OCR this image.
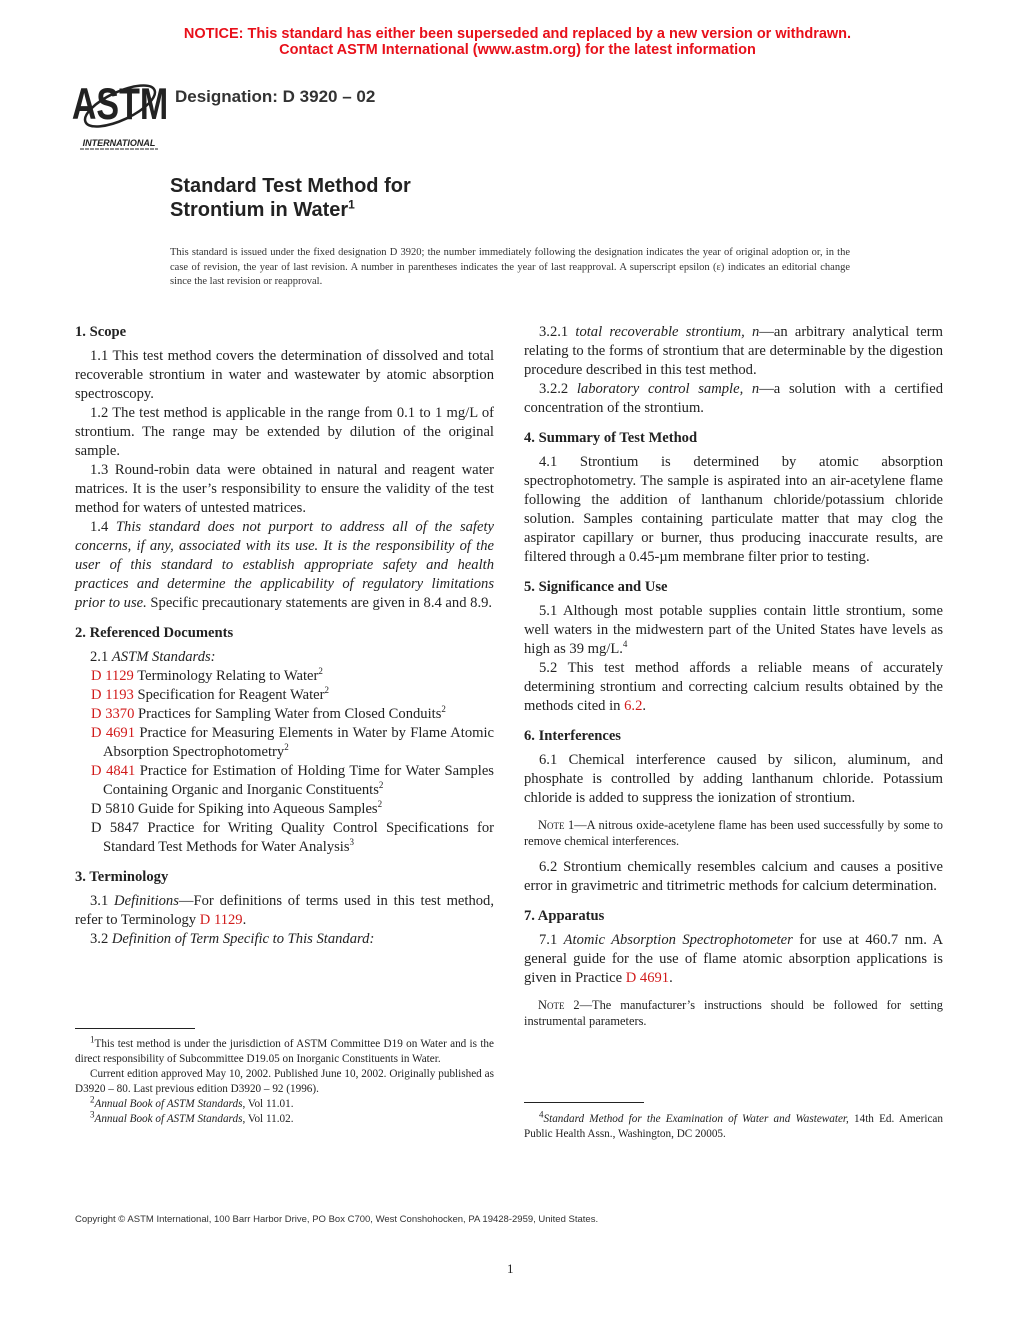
NOTICE: This standard has either been superseded and replaced by a new version or withdrawn.
Contact ASTM International (www.astm.org) for the latest information
ASTM
INTERNATIONAL
Designation: D 3920 – 02
Standard Test Method for
Strontium in Water$^1$
This standard is issued under the fixed designation D 3920; the number immediately following the designation indicates the year of original adoption or, in the case of revision, the year of last revision. A number in parentheses indicates the year of last reapproval. A superscript epsilon (ε) indicates an editorial change since the last revision or reapproval.
1. Scope
1.1 This test method covers the determination of dissolved and total recoverable strontium in water and wastewater by atomic absorption spectroscopy.
1.2 The test method is applicable in the range from 0.1 to 1 mg/L of strontium. The range may be extended by dilution of the original sample.
1.3 Round-robin data were obtained in natural and reagent water matrices. It is the user’s responsibility to ensure the validity of the test method for waters of untested matrices.
1.4 This standard does not purport to address all of the safety concerns, if any, associated with its use. It is the responsibility of the user of this standard to establish appropriate safety and health practices and determine the applicability of regulatory limitations prior to use. Specific precautionary statements are given in 8.4 and 8.9.
2. Referenced Documents
2.1 ASTM Standards:
D 1129 Terminology Relating to Water$^2$
D 1193 Specification for Reagent Water$^2$
D 3370 Practices for Sampling Water from Closed Conduits$^2$
D 4691 Practice for Measuring Elements in Water by Flame Atomic Absorption Spectrophotometry$^2$
D 4841 Practice for Estimation of Holding Time for Water Samples Containing Organic and Inorganic Constituents$^2$
D 5810 Guide for Spiking into Aqueous Samples$^2$
D 5847 Practice for Writing Quality Control Specifications for Standard Test Methods for Water Analysis$^3$
3. Terminology
3.1 Definitions—For definitions of terms used in this test method, refer to Terminology D 1129.
3.2 Definition of Term Specific to This Standard:
3.2.1 total recoverable strontium, n—an arbitrary analytical term relating to the forms of strontium that are determinable by the digestion procedure described in this test method.
3.2.2 laboratory control sample, n—a solution with a certified concentration of the strontium.
4. Summary of Test Method
4.1 Strontium is determined by atomic absorption spectrophotometry. The sample is aspirated into an air-acetylene flame following the addition of lanthanum chloride/potassium chloride solution. Samples containing particulate matter that may clog the aspirator capillary or burner, thus producing inaccurate results, are filtered through a 0.45-µm membrane filter prior to testing.
5. Significance and Use
5.1 Although most potable supplies contain little strontium, some well waters in the midwestern part of the United States have levels as high as 39 mg/L.$^4$
5.2 This test method affords a reliable means of accurately determining strontium and correcting calcium results obtained by the methods cited in 6.2.
6. Interferences
6.1 Chemical interference caused by silicon, aluminum, and phosphate is controlled by adding lanthanum chloride. Potassium chloride is added to suppress the ionization of strontium.
Note 1—A nitrous oxide-acetylene flame has been used successfully by some to remove chemical interferences.
6.2 Strontium chemically resembles calcium and causes a positive error in gravimetric and titrimetric methods for calcium determination.
7. Apparatus
7.1 Atomic Absorption Spectrophotometer for use at 460.7 nm. A general guide for the use of flame atomic absorption applications is given in Practice D 4691.
Note 2—The manufacturer’s instructions should be followed for setting instrumental parameters.

$^1$This test method is under the jurisdiction of ASTM Committee D19 on Water and is the direct responsibility of Subcommittee D19.05 on Inorganic Constituents in Water.

Current edition approved May 10, 2002. Published June 10, 2002. Originally published as D3920 – 80. Last previous edition D3920 – 92 (1996).

$^2$Annual Book of ASTM Standards, Vol 11.01.

$^3$Annual Book of ASTM Standards, Vol 11.02.	$^4$Standard Method for the Examination of Water and Wastewater, 14th Ed. American Public Health Assn., Washington, DC 20005.

Copyright © ASTM International, 100 Barr Harbor Drive, PO Box C700, West Conshohocken, PA 19428-2959, United States.
1
